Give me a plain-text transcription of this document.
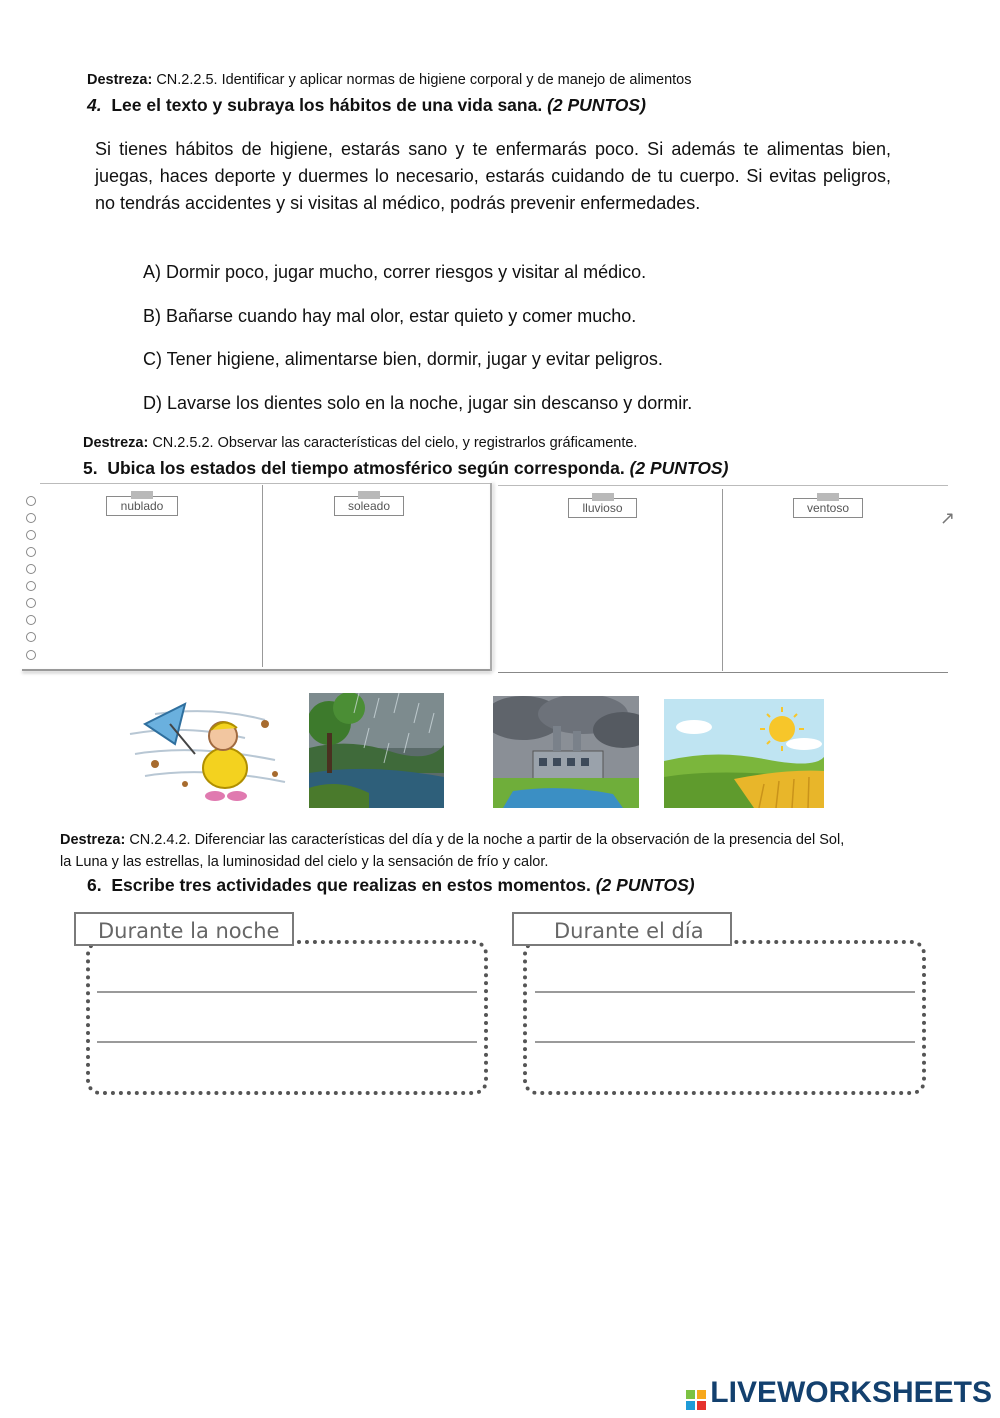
Destreza: CN.2.2.5. Identificar y aplicar normas de higiene corporal y de manejo de alimentos
4. Lee el texto y subraya los hábitos de una vida sana. (2 PUNTOS)
Si tienes hábitos de higiene, estarás sano y te enfermarás poco. Si además te alimentas bien, juegas, haces deporte y duermes lo necesario, estarás cuidando de tu cuerpo. Si evitas peligros, no tendrás accidentes y si visitas al médico, podrás prevenir enfermedades.
A) Dormir poco, jugar mucho, correr riesgos y visitar al médico.
B) Bañarse cuando hay mal olor, estar quieto y comer mucho.
C) Tener higiene, alimentarse bien, dormir, jugar y evitar peligros.
D) Lavarse los dientes solo en la noche, jugar sin descanso y dormir.
Destreza: CN.2.5.2. Observar las características del cielo, y registrarlos gráficamente.
5. Ubica los estados del tiempo atmosférico según corresponda. (2 PUNTOS)
↗
nublado	soleado	lluvioso	ventoso
Destreza: CN.2.4.2. Diferenciar las características del día y de la noche a partir de la observación de la presencia del Sol,
la Luna y las estrellas, la luminosidad del cielo y la sensación de frío y calor.
6. Escribe tres actividades que realizas en estos momentos. (2 PUNTOS)
Durante la noche	Durante el día
LIVEWORKSHEETS
